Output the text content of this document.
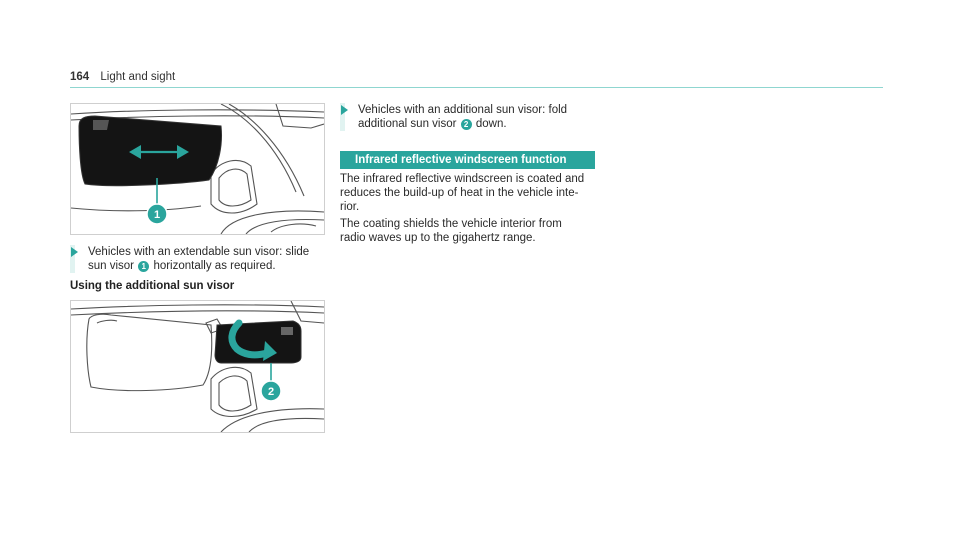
164 Light and sight
1
Vehicles with an extendable sun visor: slide
sun visor 1 horizontally as required.
Using the additional sun visor
2
Vehicles with an additional sun visor: fold
additional sun visor 2 down.
Infrared reflective windscreen function
The infrared reflective windscreen is coated and
reduces the build-up of heat in the vehicle inte-
rior.
The coating shields the vehicle interior from
radio waves up to the gigahertz range.
